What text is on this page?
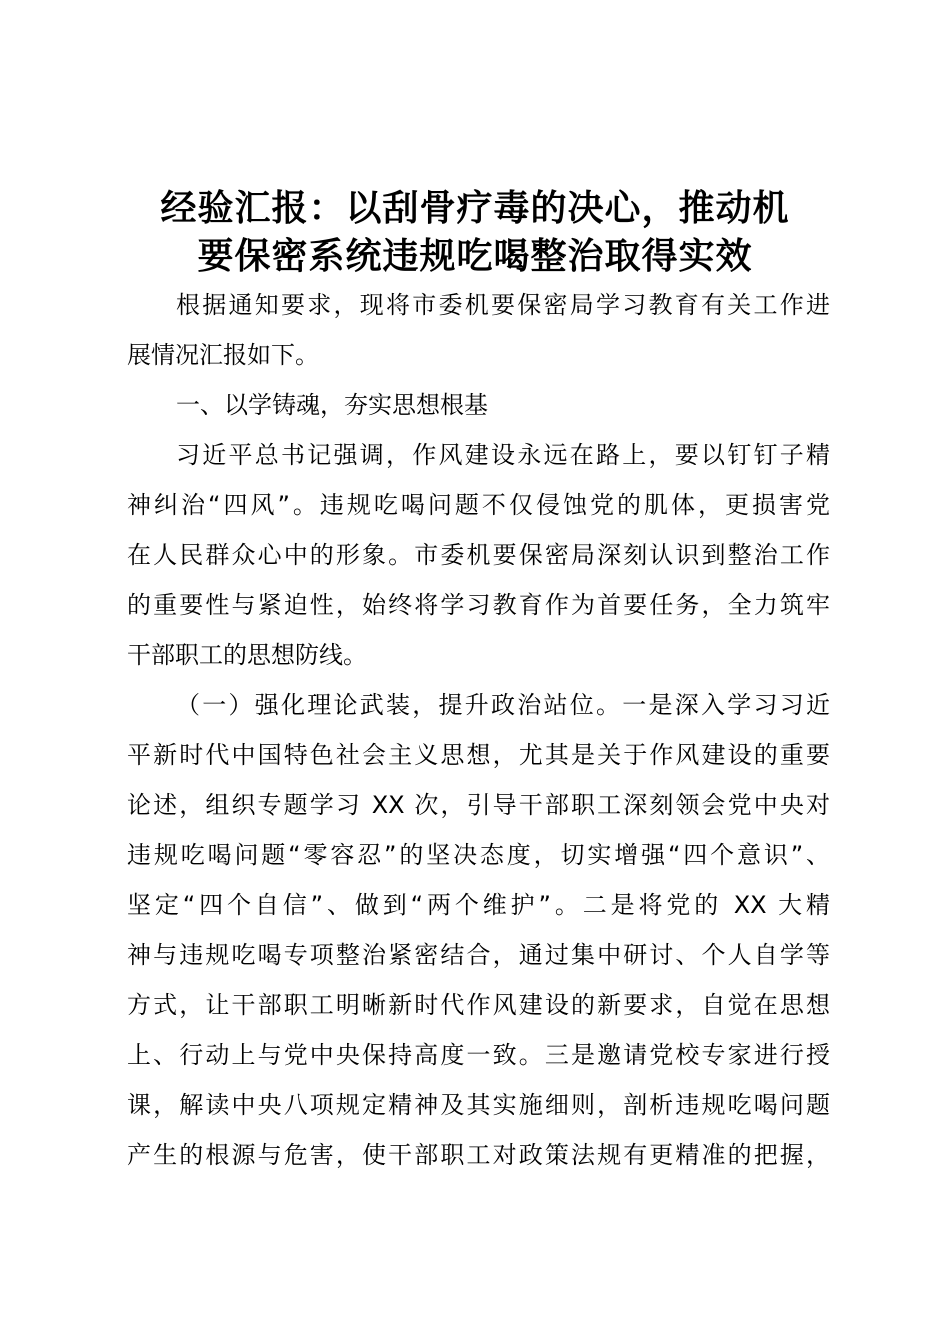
经验汇报：以刮骨疗毒的决心，推动机
要保密系统违规吃喝整治取得实效
根据通知要求，现将市委机要保密局学习教育有关工作进
展情况汇报如下。
一、以学铸魂，夯实思想根基
习近平总书记强调，作风建设永远在路上，要以钉钉子精
神纠治“四风”。违规吃喝问题不仅侵蚀党的肌体，更损害党
在人民群众心中的形象。市委机要保密局深刻认识到整治工作
的重要性与紧迫性，始终将学习教育作为首要任务，全力筑牢
干部职工的思想防线。
（一）强化理论武装，提升政治站位。一是深入学习习近
平新时代中国特色社会主义思想，尤其是关于作风建设的重要
论述，组织专题学习 XX 次，引导干部职工深刻领会党中央对
违规吃喝问题“零容忍”的坚决态度，切实增强“四个意识”、
坚定“四个自信”、做到“两个维护”。二是将党的 XX 大精
神与违规吃喝专项整治紧密结合，通过集中研讨、个人自学等
方式，让干部职工明晰新时代作风建设的新要求，自觉在思想
上、行动上与党中央保持高度一致。三是邀请党校专家进行授
课，解读中央八项规定精神及其实施细则，剖析违规吃喝问题
产生的根源与危害，使干部职工对政策法规有更精准的把握，
